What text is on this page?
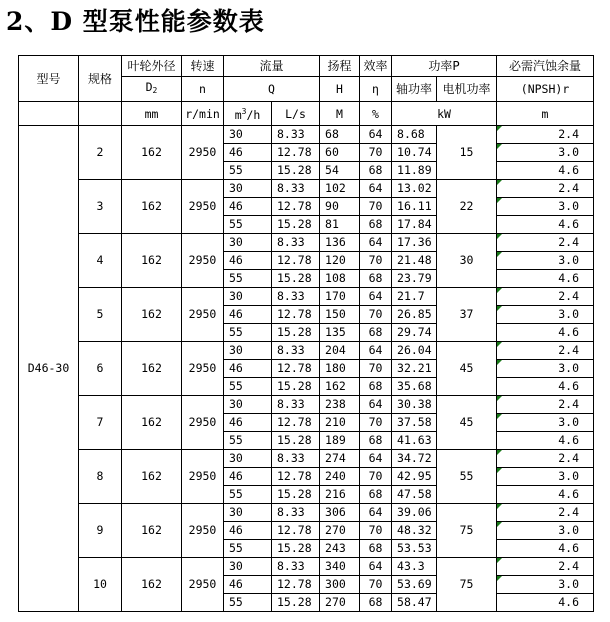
2、D 型泵性能参数表
型号	规格	叶轮外径	转速	流量		扬程	效率	功率P		必需汽蚀余量
		$D_2$	n	Q		H	η	轴功率	电机功率	(NPSH)r
		mm	r/min	$m^3/h$	L/s	M	%	kW		m
D46-30	2	162	2950	30	8.33	68	64	8.68	15	2.4

				46	12.78	60	70	10.74		3.0

				55	15.28	54	68	11.89		4.6
	3	162	2950	30	8.33	102	64	13.02	22	2.4

				46	12.78	90	70	16.11		3.0

				55	15.28	81	68	17.84		4.6
	4	162	2950	30	8.33	136	64	17.36	30	2.4

				46	12.78	120	70	21.48		3.0

				55	15.28	108	68	23.79		4.6
	5	162	2950	30	8.33	170	64	21.7	37	2.4

				46	12.78	150	70	26.85		3.0

				55	15.28	135	68	29.74		4.6
	6	162	2950	30	8.33	204	64	26.04	45	2.4

				46	12.78	180	70	32.21		3.0

				55	15.28	162	68	35.68		4.6
	7	162	2950	30	8.33	238	64	30.38	45	2.4

				46	12.78	210	70	37.58		3.0

				55	15.28	189	68	41.63		4.6
	8	162	2950	30	8.33	274	64	34.72	55	2.4

				46	12.78	240	70	42.95		3.0

				55	15.28	216	68	47.58		4.6
	9	162	2950	30	8.33	306	64	39.06	75	2.4

				46	12.78	270	70	48.32		3.0

				55	15.28	243	68	53.53		4.6
	10	162	2950	30	8.33	340	64	43.3	75	2.4

				46	12.78	300	70	53.69		3.0

				55	15.28	270	68	58.47		4.6
